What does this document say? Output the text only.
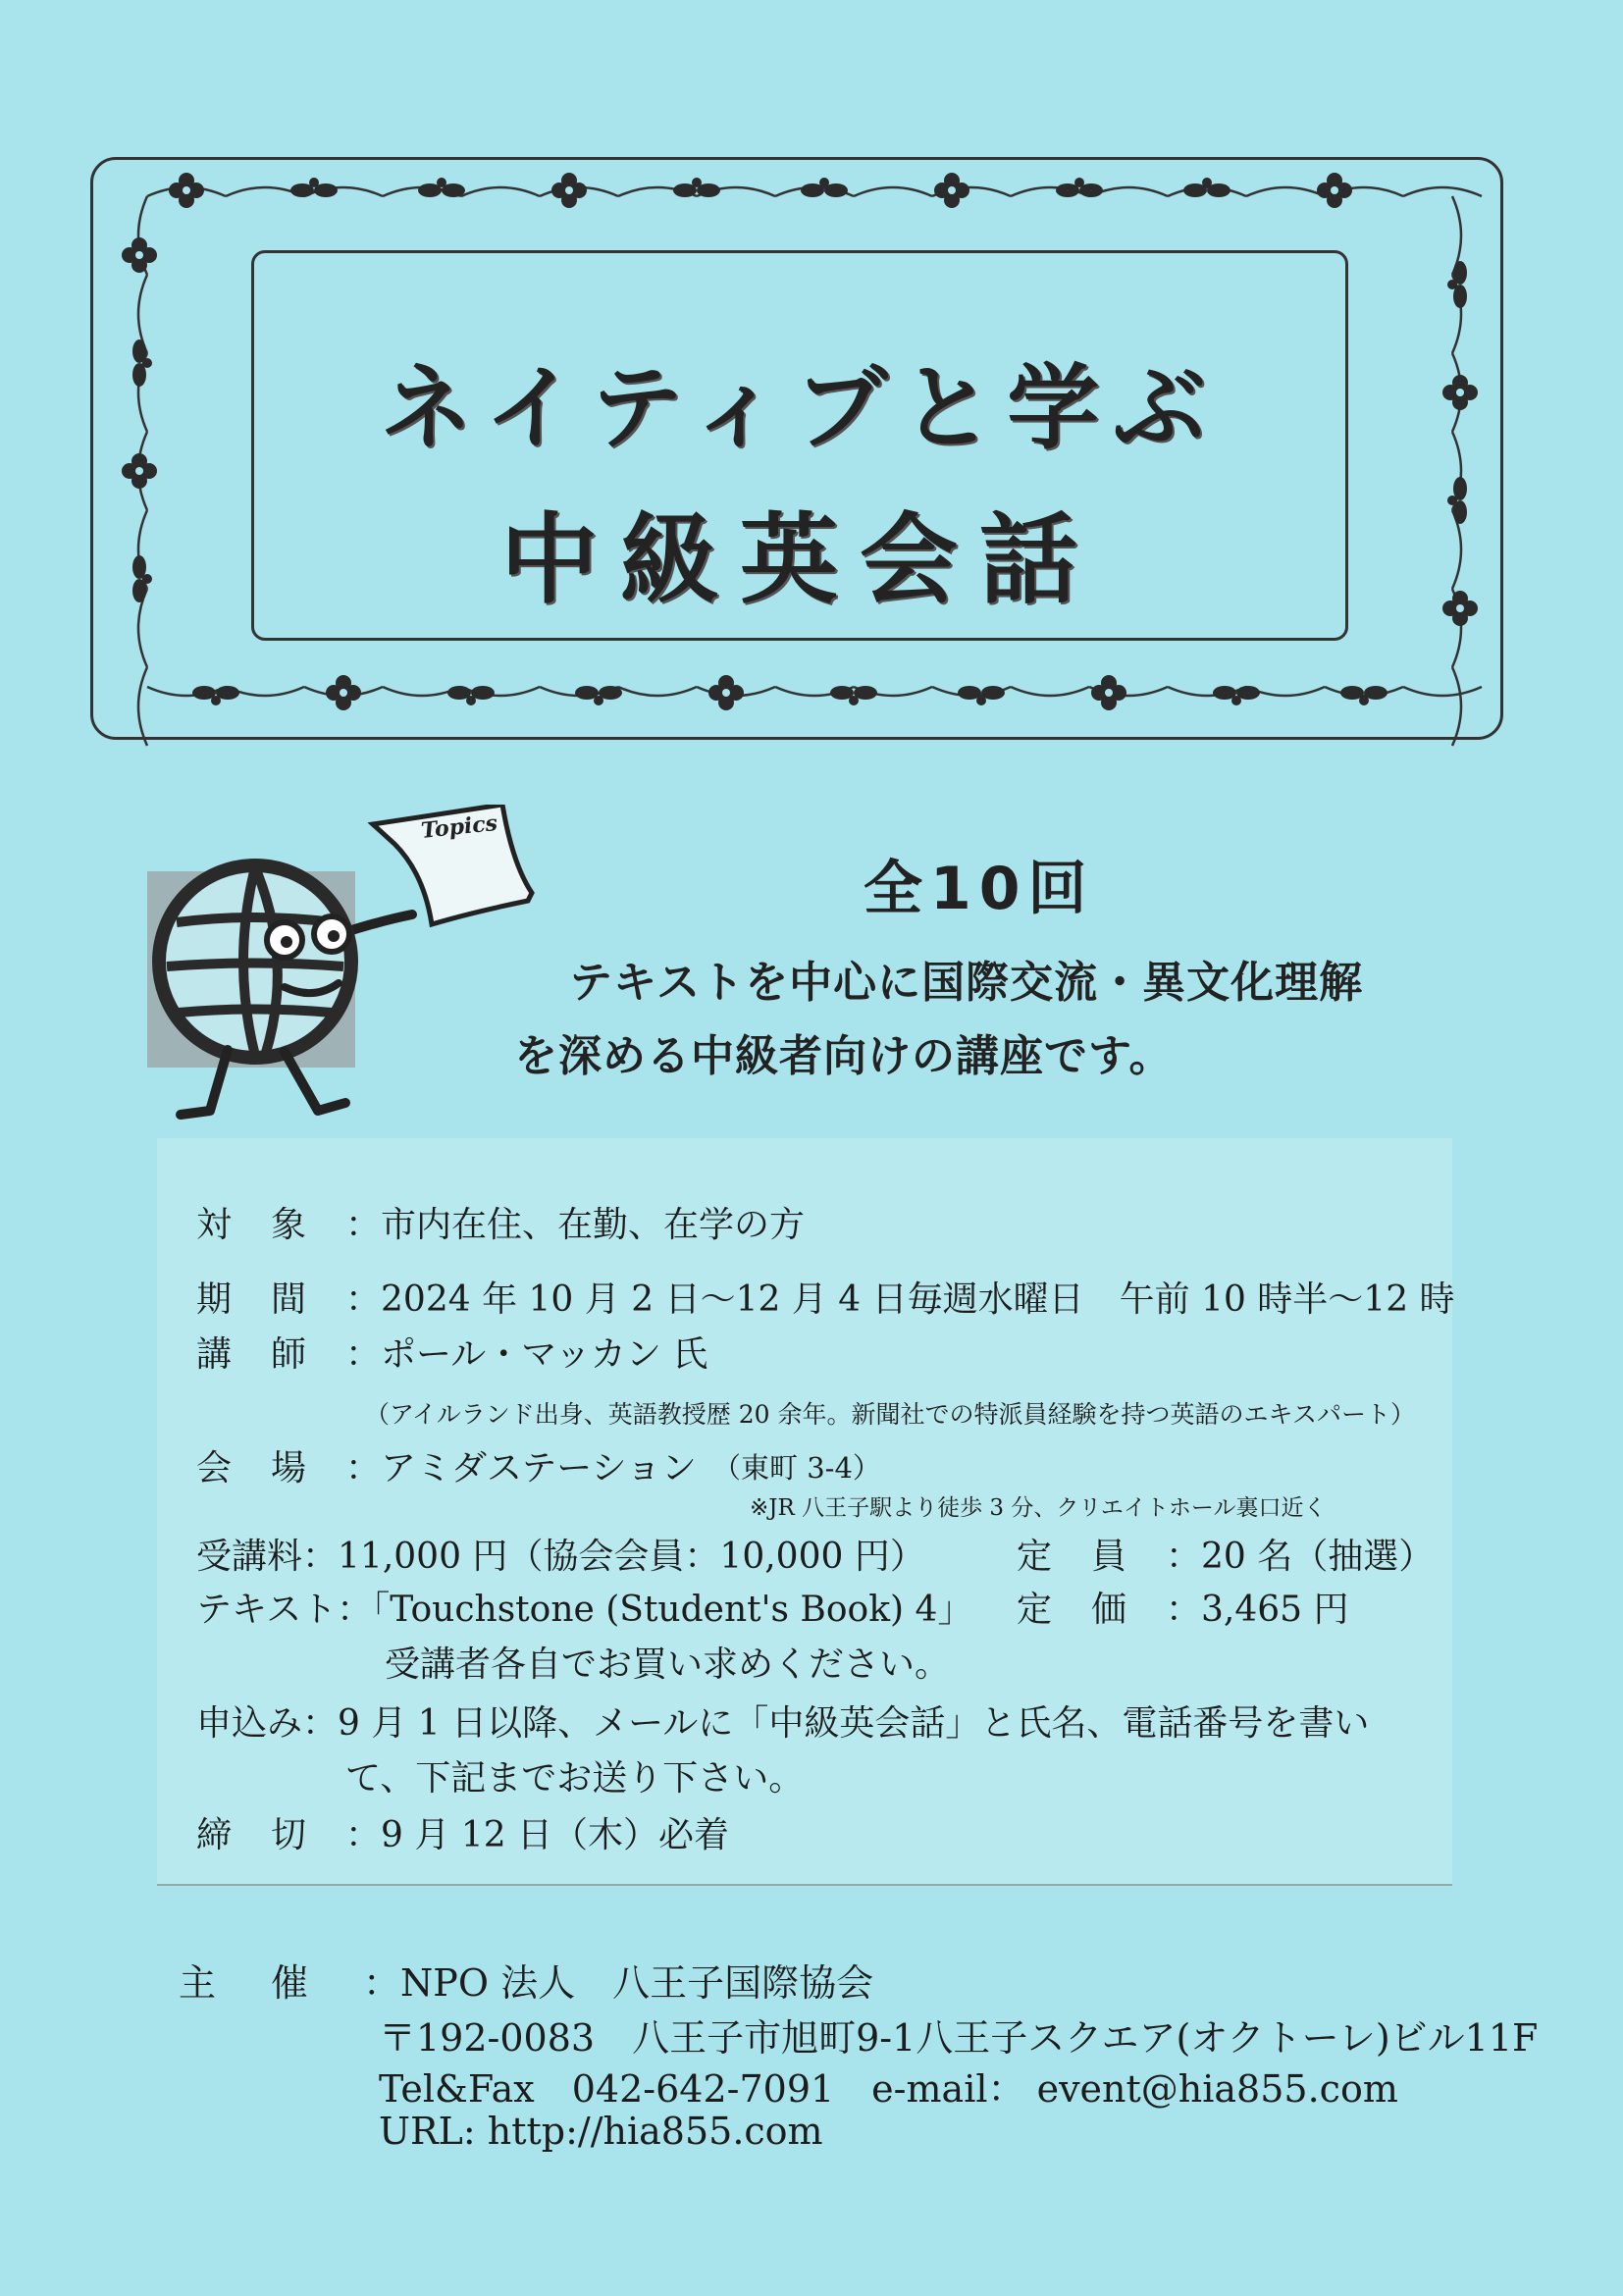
ネイティブと学ぶ
中級英会話
Topics
全10回
テキストを中心に国際交流・異文化理解
を深める中級者向けの講座です。
対象：市内在住、在勤、在学の方
期間：2024 年 10 月 2 日～12 月 4 日毎週水曜日　午前 10 時半～12 時
講師：ポール・マッカン 氏
（アイルランド出身、英語教授歴 20 余年。新聞社での特派員経験を持つ英語のエキスパート）
会場：アミダステーション （東町 3-4）
※JR 八王子駅より徒歩 3 分、クリエイトホール裏口近く
受講料：11,000 円（協会会員：10,000 円）	定員：20 名（抽選）
テキスト：「Touchstone (Student's Book) 4」 定価：3,465 円
受講者各自でお買い求めください。
申込み：9 月 1 日以降、メールに「中級英会話」と氏名、電話番号を書い
て、下記までお送り下さい。
締切：9 月 12 日（木）必着
主催：NPO 法人　八王子国際協会
〒192-0083　八王子市旭町9-1八王子スクエア(オクトーレ)ビル11F
Tel&Fax　042-642-7091　e-mail： event@hia855.com
URL: http://hia855.com
